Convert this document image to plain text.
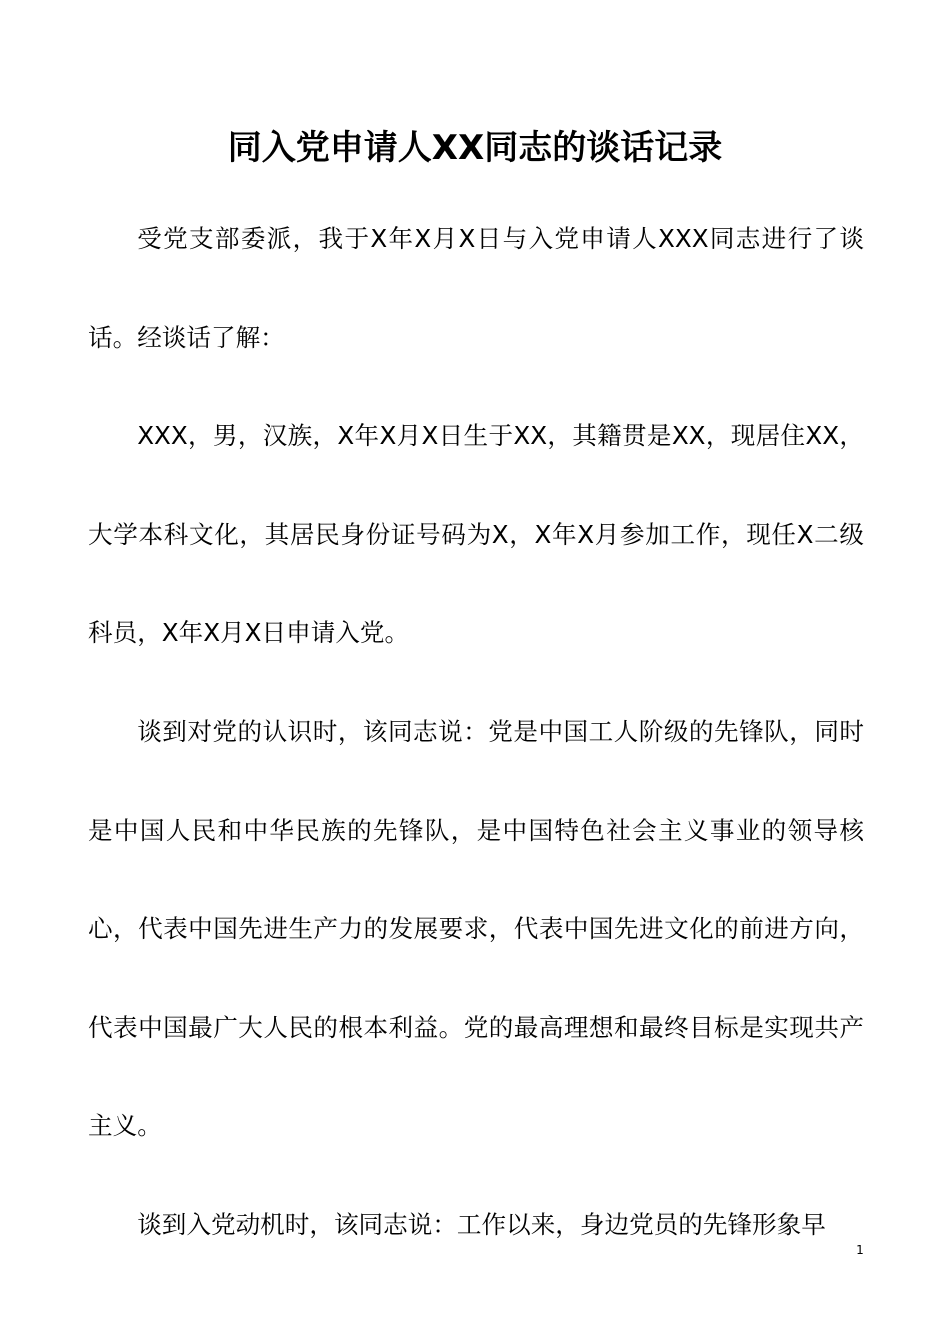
同入党申请人XX同志的谈话记录

受党支部委派，我于X年X月X日与入党申请人XXX同志进行了谈话。经谈话了解：

XXX，男，汉族，X年X月X日生于XX，其籍贯是XX，现居住XX，大学本科文化，其居民身份证号码为X，X年X月参加工作，现任X二级科员，X年X月X日申请入党。

谈到对党的认识时，该同志说：党是中国工人阶级的先锋队，同时是中国人民和中华民族的先锋队，是中国特色社会主义事业的领导核心，代表中国先进生产力的发展要求，代表中国先进文化的前进方向，代表中国最广大人民的根本利益。党的最高理想和最终目标是实现共产主义。

谈到入党动机时，该同志说：工作以来，身边党员的先锋形象早

1
